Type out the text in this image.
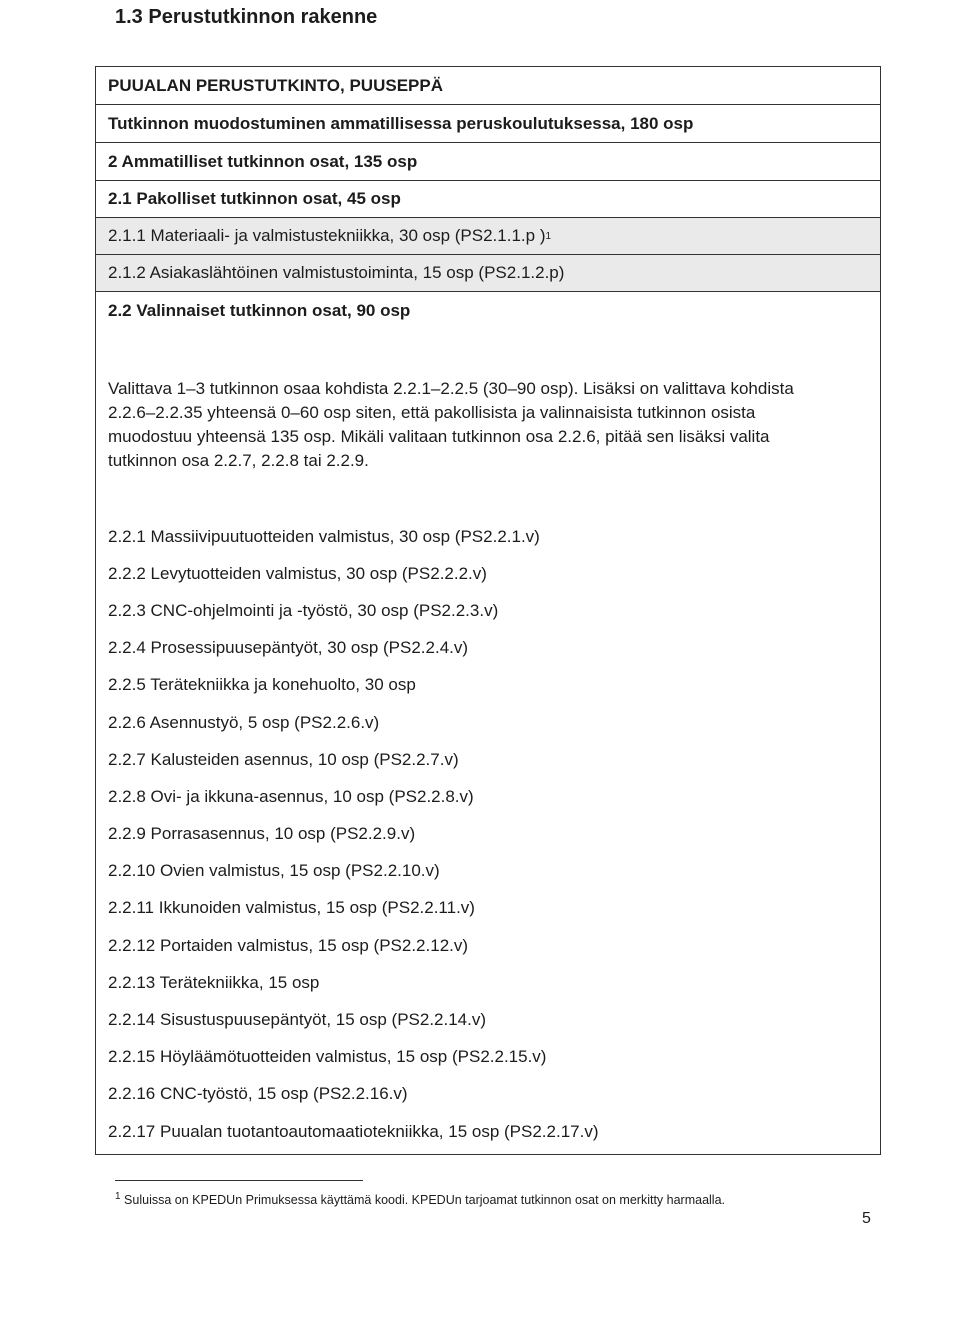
1.3 Perustutkinnon rakenne
PUUALAN PERUSTUTKINTO, PUUSEPPÄ
Tutkinnon muodostuminen ammatillisessa peruskoulutuksessa, 180 osp
2 Ammatilliset tutkinnon osat, 135 osp
2.1 Pakolliset tutkinnon osat, 45 osp
2.1.1 Materiaali- ja valmistustekniikka, 30 osp (PS2.1.1.p ) 1
2.1.2 Asiakaslähtöinen valmistustoiminta, 15 osp (PS2.1.2.p)
2.2 Valinnaiset tutkinnon osat, 90 osp
Valittava 1–3 tutkinnon osaa kohdista 2.2.1–2.2.5 (30–90 osp). Lisäksi on valittava kohdista
2.2.6–2.2.35 yhteensä 0–60 osp siten, että pakollisista ja valinnaisista tutkinnon osista
muodostuu yhteensä 135 osp. Mikäli valitaan tutkinnon osa 2.2.6, pitää sen lisäksi valita
tutkinnon osa 2.2.7, 2.2.8 tai 2.2.9.
2.2.1 Massiivipuutuotteiden valmistus, 30 osp (PS2.2.1.v)
2.2.2 Levytuotteiden valmistus, 30 osp (PS2.2.2.v)
2.2.3 CNC-ohjelmointi ja -työstö, 30 osp (PS2.2.3.v)
2.2.4 Prosessipuusepäntyöt, 30 osp (PS2.2.4.v)
2.2.5 Terätekniikka ja konehuolto, 30 osp
2.2.6 Asennustyö, 5 osp (PS2.2.6.v)
2.2.7 Kalusteiden asennus, 10 osp (PS2.2.7.v)
2.2.8 Ovi- ja ikkuna-asennus, 10 osp (PS2.2.8.v)
2.2.9 Porrasasennus, 10 osp (PS2.2.9.v)
2.2.10 Ovien valmistus, 15 osp (PS2.2.10.v)
2.2.11 Ikkunoiden valmistus, 15 osp (PS2.2.11.v)
2.2.12 Portaiden valmistus, 15 osp (PS2.2.12.v)
2.2.13 Terätekniikka, 15 osp
2.2.14 Sisustuspuusepäntyöt, 15 osp (PS2.2.14.v)
2.2.15 Höyläämötuotteiden valmistus, 15 osp (PS2.2.15.v)
2.2.16 CNC-työstö, 15 osp (PS2.2.16.v)
2.2.17 Puualan tuotantoautomaatiotekniikka, 15 osp (PS2.2.17.v)
$^1$ Suluissa on KPEDUn Primuksessa käyttämä koodi. KPEDUn tarjoamat tutkinnon osat on merkitty harmaalla.
5
